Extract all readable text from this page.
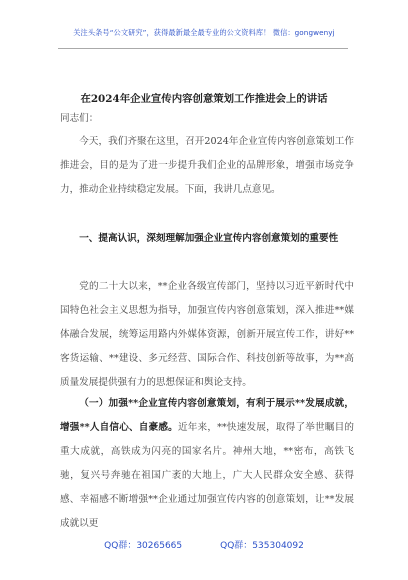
关注头条号“公文研究”，获得最新最全最专业的公文资料库！ 微信：gongwenyj
在2024年企业宣传内容创意策划工作推进会上的讲话
同志们：
今天，我们齐聚在这里，召开2024年企业宣传内容创意策划工作推进会，目的是为了进一步提升我们企业的品牌形象，增强市场竞争力，推动企业持续稳定发展。下面，我讲几点意见。
一、提高认识，深刻理解加强企业宣传内容创意策划的重要性
党的二十大以来，**企业各级宣传部门，坚持以习近平新时代中国特色社会主义思想为指导，加强宣传内容创意策划，深入推进**媒体融合发展，统筹运用路内外媒体资源，创新开展宣传工作，讲好**客货运输、**建设、多元经营、国际合作、科技创新等故事，为**高质量发展提供强有力的思想保证和舆论支持。
（一）加强**企业宣传内容创意策划，有利于展示**发展成就，增强**人自信心、自豪感。近年来，**快速发展，取得了举世瞩目的重大成就，高铁成为闪亮的国家名片。神州大地，**密布，高铁飞驰，复兴号奔驰在祖国广袤的大地上，广大人民群众安全感、获得感、幸福感不断增强**企业通过加强宣传内容的创意策划，让**发展成就以更
QQ群：30265665	QQ群：535304092
